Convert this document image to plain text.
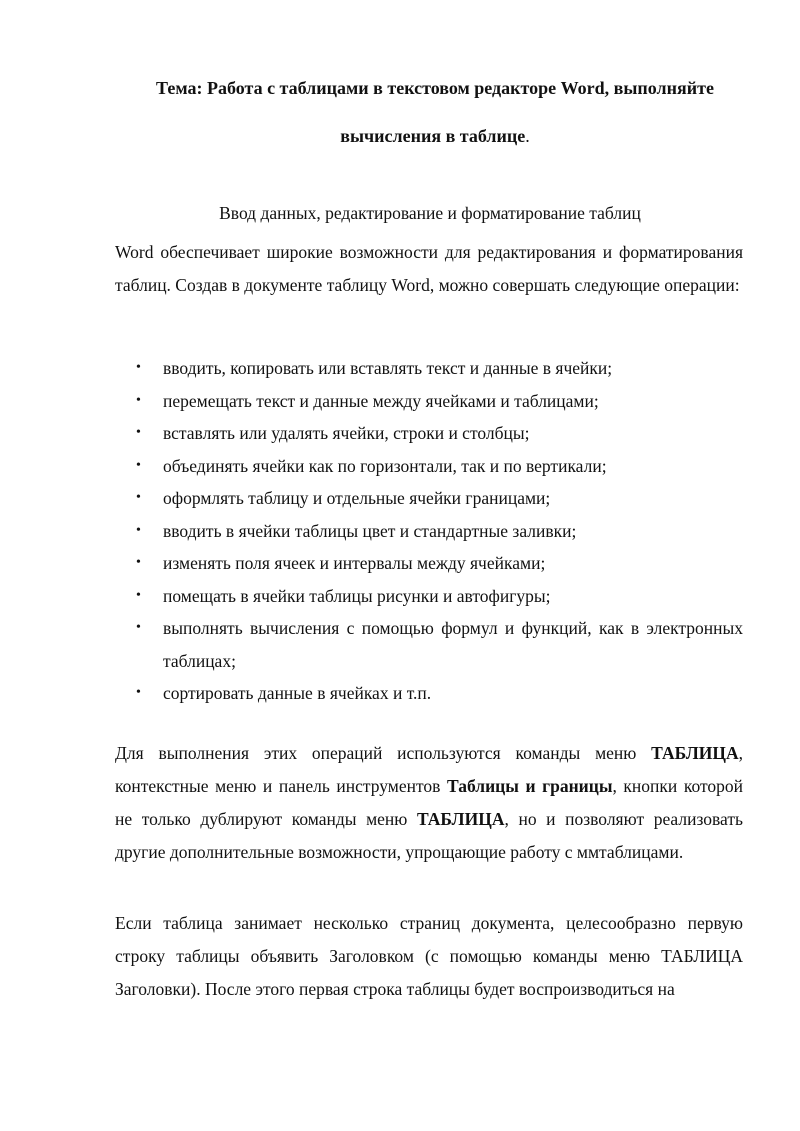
Тема: Работа с таблицами в текстовом редакторе Word, выполняйте

вычисления в таблице.

Ввод данных, редактирование и форматирование таблиц

Word обеспечивает широкие возможности для редактирования и форматирования таблиц. Создав в документе таблицу Word, можно совершать следующие операции:

• вводить, копировать или вставлять текст и данные в ячейки;
• перемещать текст и данные между ячейками и таблицами;
• вставлять или удалять ячейки, строки и столбцы;
• объединять ячейки как по горизонтали, так и по вертикали;
• оформлять таблицу и отдельные ячейки границами;
• вводить в ячейки таблицы цвет и стандартные заливки;
• изменять поля ячеек и интервалы между ячейками;
• помещать в ячейки таблицы рисунки и автофигуры;
• выполнять вычисления с помощью формул и функций, как в электронных таблицах;
• сортировать данные в ячейках и т.п.

Для выполнения этих операций используются команды меню ТАБЛИЦА, контекстные меню и панель инструментов Таблицы и границы, кнопки которой не только дублируют команды меню ТАБЛИЦА, но и позволяют реализовать другие дополнительные возможности, упрощающие работу с ммтаблицами.

Если таблица занимает несколько страниц документа, целесообразно первую строку таблицы объявить Заголовком (с помощью команды меню ТАБЛИЦА Заголовки). После этого первая строка таблицы будет воспроизводиться на
